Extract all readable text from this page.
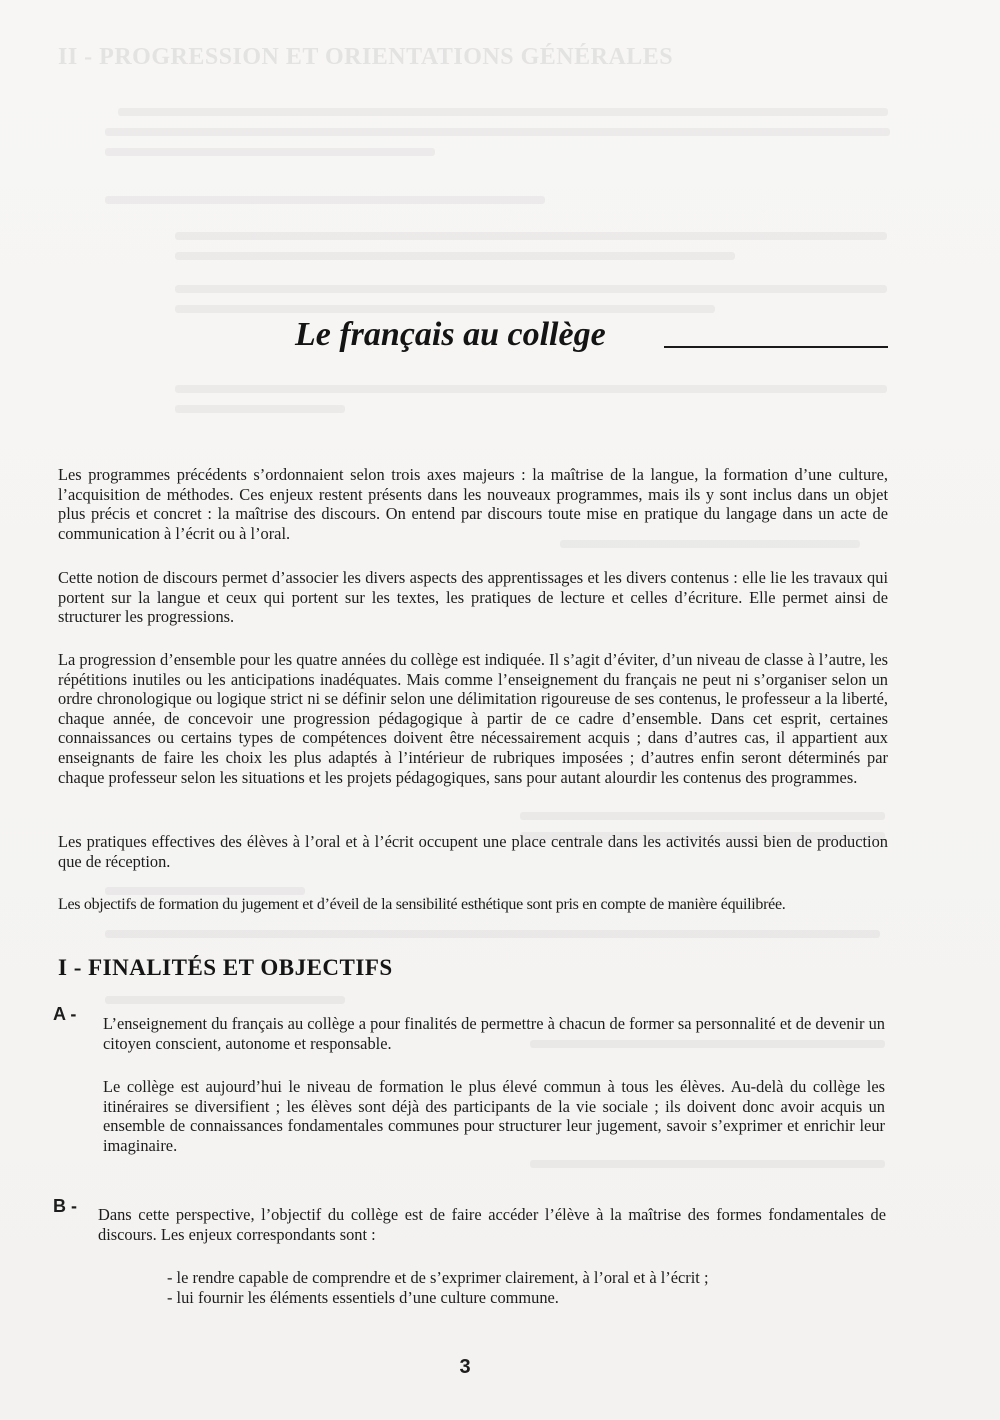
II - PROGRESSION ET ORIENTATIONS GÉNÉRALES
Le français au collège

Les programmes précédents s’ordonnaient selon trois axes majeurs : la maîtrise de la langue, la formation d’une culture, l’acquisition de méthodes. Ces enjeux restent présents dans les nouveaux programmes, mais ils y sont inclus dans un objet plus précis et concret : la maîtrise des discours. On entend par discours toute mise en pratique du langage dans un acte de communication à l’écrit ou à l’oral.

Cette notion de discours permet d’associer les divers aspects des apprentissages et les divers contenus : elle lie les travaux qui portent sur la langue et ceux qui portent sur les textes, les pratiques de lecture et celles d’écriture. Elle permet ainsi de structurer les progressions.

La progression d’ensemble pour les quatre années du collège est indiquée. Il s’agit d’éviter, d’un niveau de classe à l’autre, les répétitions inutiles ou les anticipations inadéquates. Mais comme l’enseignement du français ne peut ni s’organiser selon un ordre chronologique ou logique strict ni se définir selon une délimitation rigoureuse de ses contenus, le professeur a la liberté, chaque année, de concevoir une progression pédagogique à partir de ce cadre d’ensemble. Dans cet esprit, certaines connaissances ou certains types de compétences doivent être nécessairement acquis ; dans d’autres cas, il appartient aux enseignants de faire les choix les plus adaptés à l’intérieur de rubriques imposées ; d’autres enfin seront déterminés par chaque professeur selon les situations et les projets pédagogiques, sans pour autant alourdir les contenus des programmes.

Les pratiques effectives des élèves à l’oral et à l’écrit occupent une place centrale dans les activités aussi bien de production que de réception.

Les objectifs de formation du jugement et d’éveil de la sensibilité esthétique sont pris en compte de manière équilibrée.

I - FINALITÉS ET OBJECTIFS
A - L’enseignement du français au collège a pour finalités de permettre à chacun de former sa personnalité et de devenir un citoyen conscient, autonome et responsable.

Le collège est aujourd’hui le niveau de formation le plus élevé commun à tous les élèves. Au-delà du collège les itinéraires se diversifient ; les élèves sont déjà des participants de la vie sociale ; ils doivent donc avoir acquis un ensemble de connaissances fondamentales communes pour structurer leur jugement, savoir s’exprimer et enrichir leur imaginaire.

B - Dans cette perspective, l’objectif du collège est de faire accéder l’élève à la maîtrise des formes fondamentales de discours. Les enjeux correspondants sont :

- le rendre capable de comprendre et de s’exprimer clairement, à l’oral et à l’écrit ;
- lui fournir les éléments essentiels d’une culture commune.
3
